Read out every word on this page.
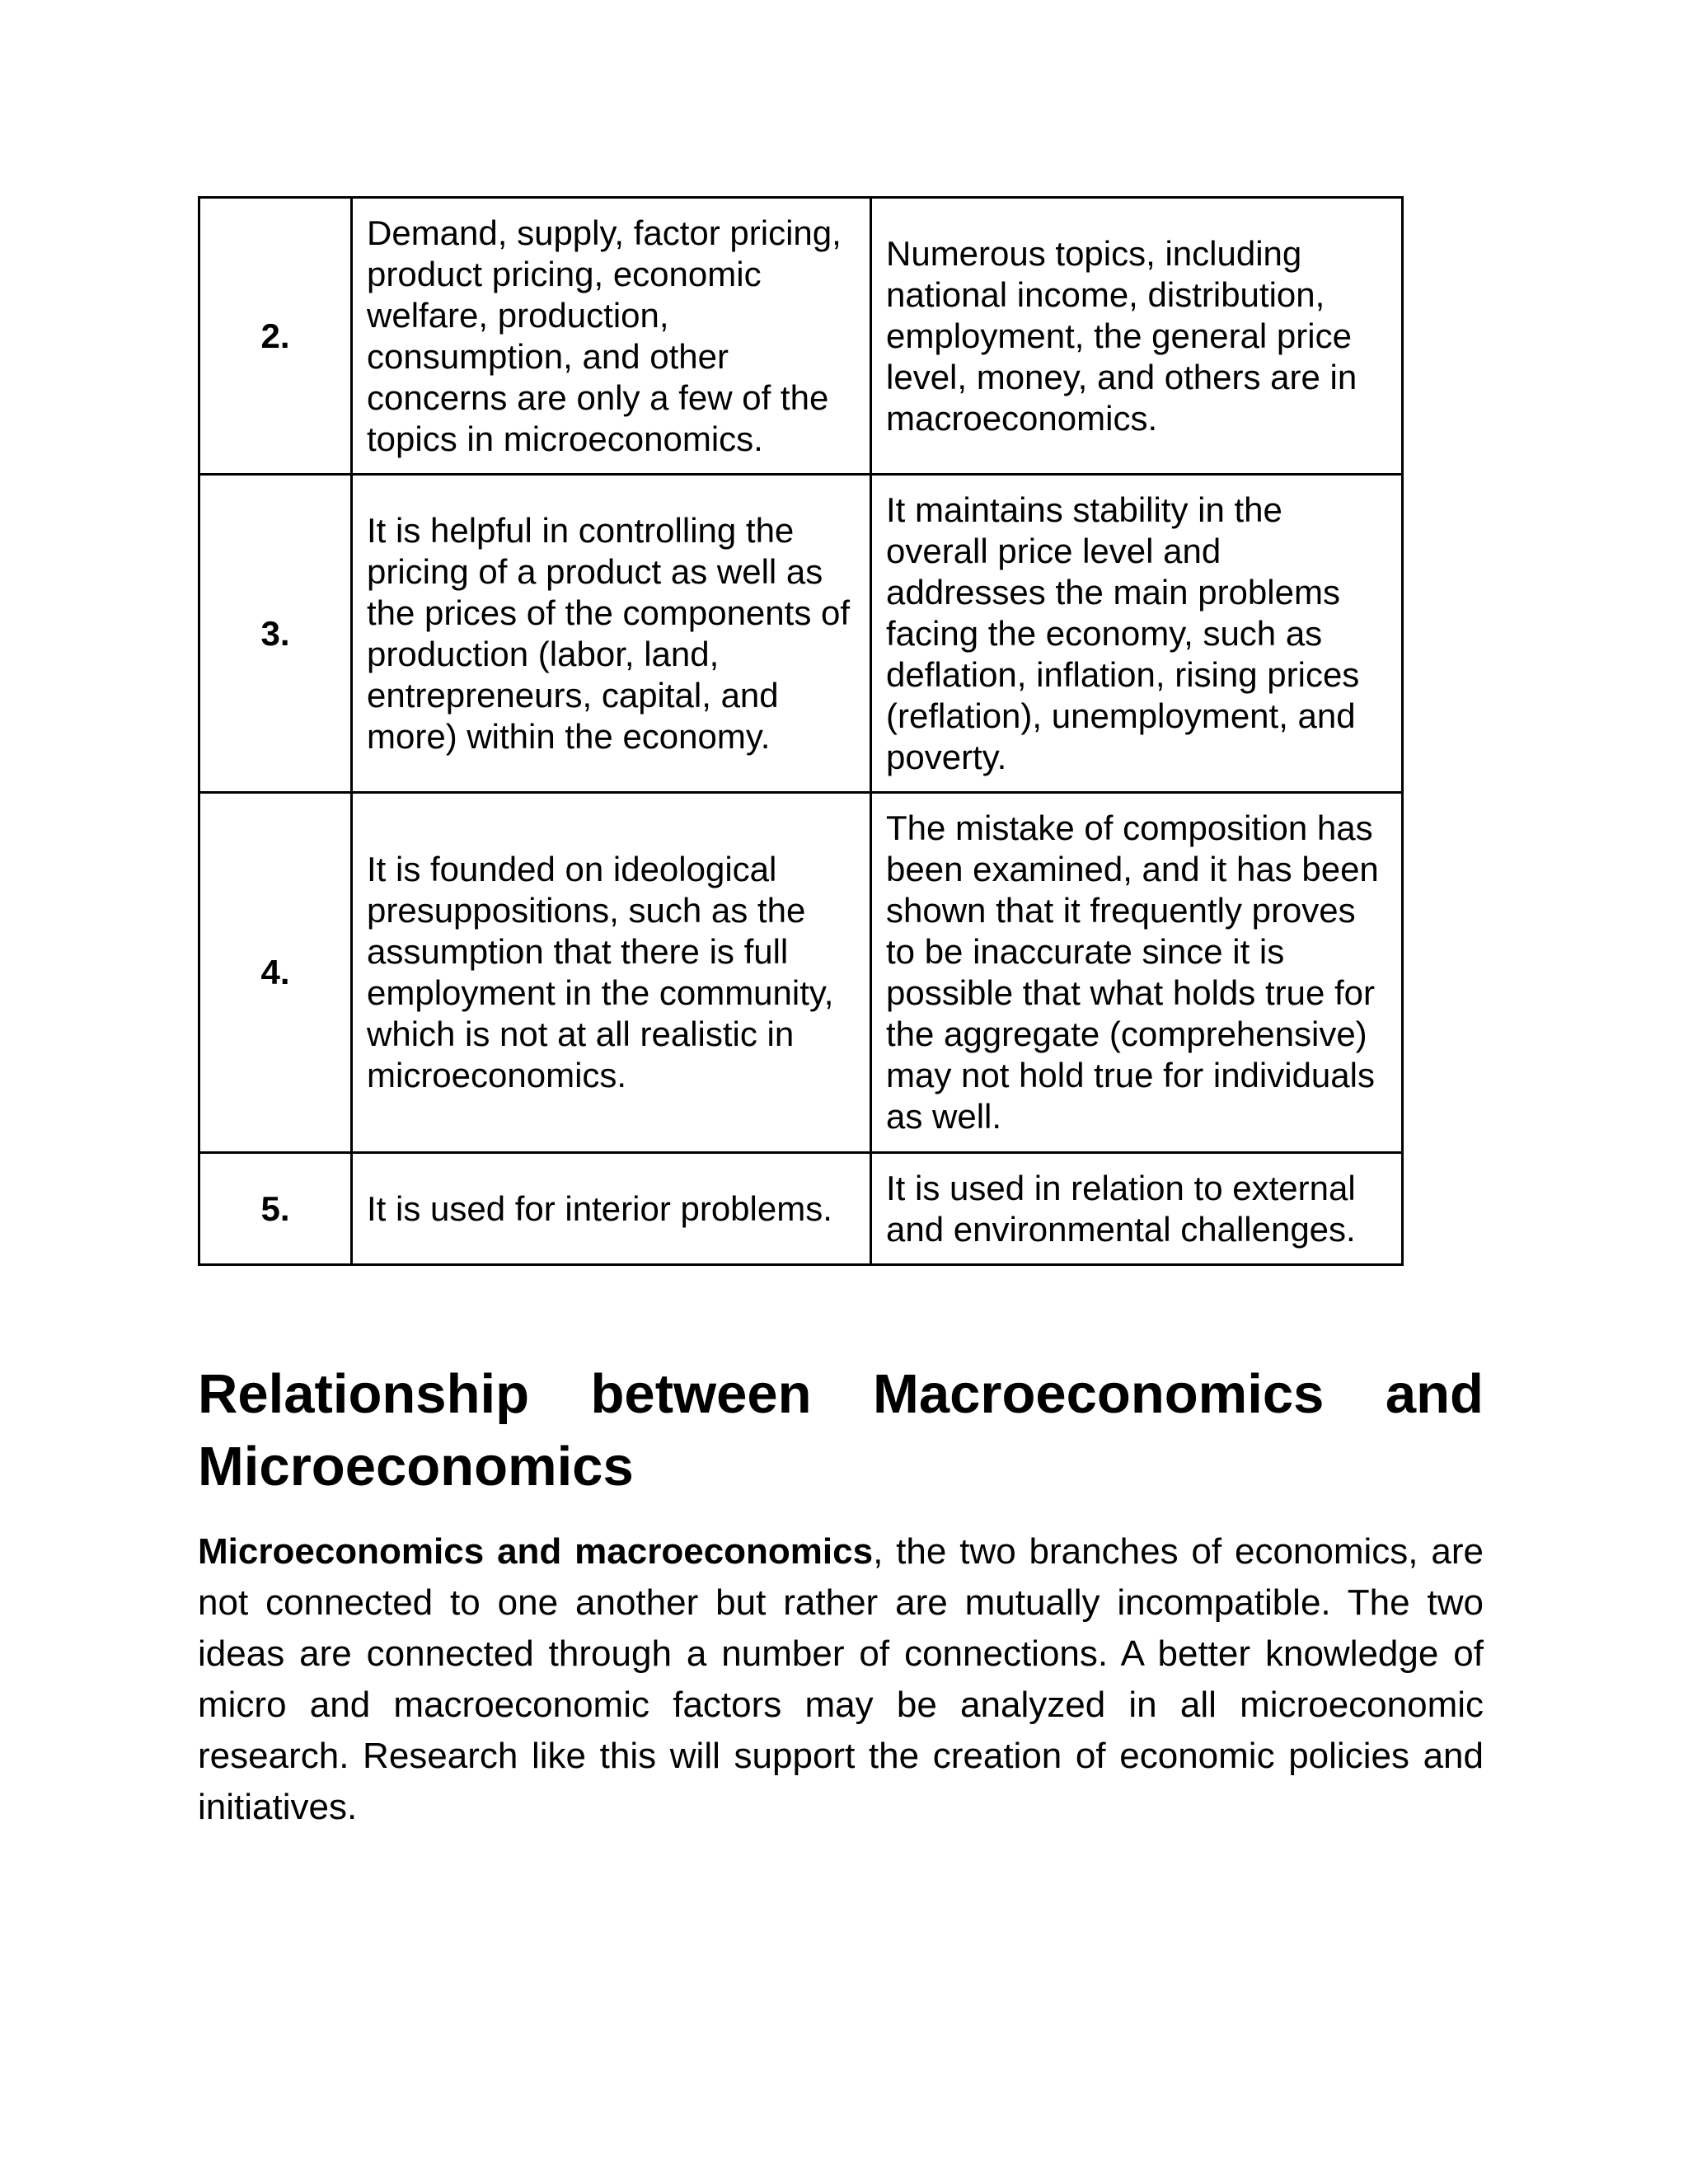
2.	Demand, supply, factor pricing, product pricing, economic welfare, production, consumption, and other concerns are only a few of the topics in microeconomics.	Numerous topics, including national income, distribution, employment, the general price level, money, and others are in macroeconomics.
3.	It is helpful in controlling the pricing of a product as well as the prices of the components of production (labor, land, entrepreneurs, capital, and more) within the economy.	It maintains stability in the overall price level and addresses the main problems facing the economy, such as deflation, inflation, rising prices (reflation), unemployment, and poverty.
4.	It is founded on ideological presuppositions, such as the assumption that there is full employment in the community, which is not at all realistic in microeconomics.	The mistake of composition has been examined, and it has been shown that it frequently proves to be inaccurate since it is possible that what holds true for the aggregate (comprehensive) may not hold true for individuals as well.
5.	It is used for interior problems.	It is used in relation to external and environmental challenges.
Relationship between Macroeconomics and Microeconomics

Microeconomics and macroeconomics, the two branches of economics, are not connected to one another but rather are mutually incompatible. The two ideas are connected through a number of connections. A better knowledge of micro and macroeconomic factors may be analyzed in all microeconomic research. Research like this will support the creation of economic policies and initiatives.
